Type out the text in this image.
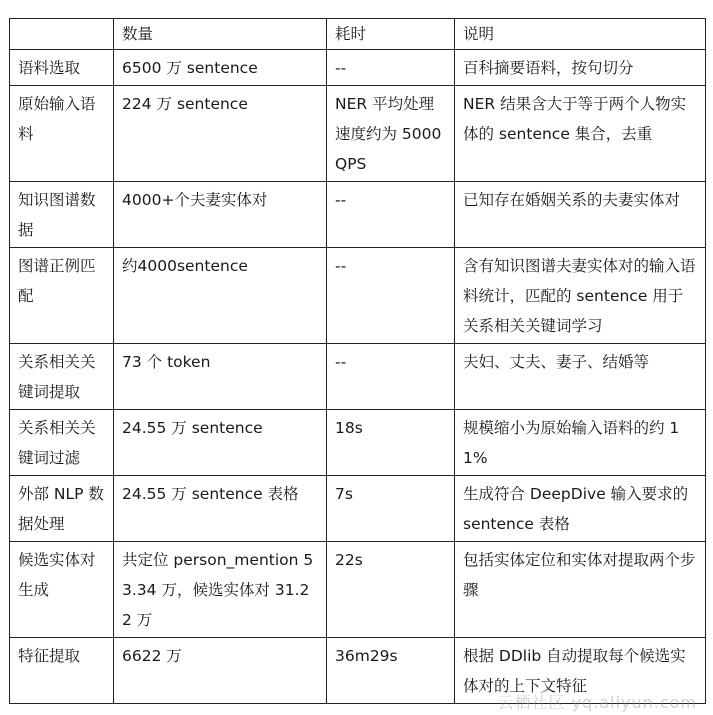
	数量	耗时	说明
语料选取	6500 万 sentence	--	百科摘要语料，按句切分
原始输入语料	224 万 sentence	NER 平均处理速度约为 5000QPS	NER 结果含大于等于两个人物实体的 sentence 集合，去重
知识图谱数据	4000+个夫妻实体对	--	已知存在婚姻关系的夫妻实体对
图谱正例匹配	约4000sentence	--	含有知识图谱夫妻实体对的输入语料统计，匹配的 sentence 用于关系相关关键词学习
关系相关关键词提取	73 个 token	--	夫妇、丈夫、妻子、结婚等
关系相关关键词过滤	24.55 万 sentence	18s	规模缩小为原始输入语料的约 11%
外部 NLP 数据处理	24.55 万 sentence 表格	7s	生成符合 DeepDive 输入要求的 sentence 表格
候选实体对生成	共定位 person_mention 53.34 万，候选实体对 31.22 万	22s	包括实体定位和实体对提取两个步骤
特征提取	6622 万	36m29s	根据 DDlib 自动提取每个候选实体对的上下文特征
云栖社区 yq.aliyun.com
